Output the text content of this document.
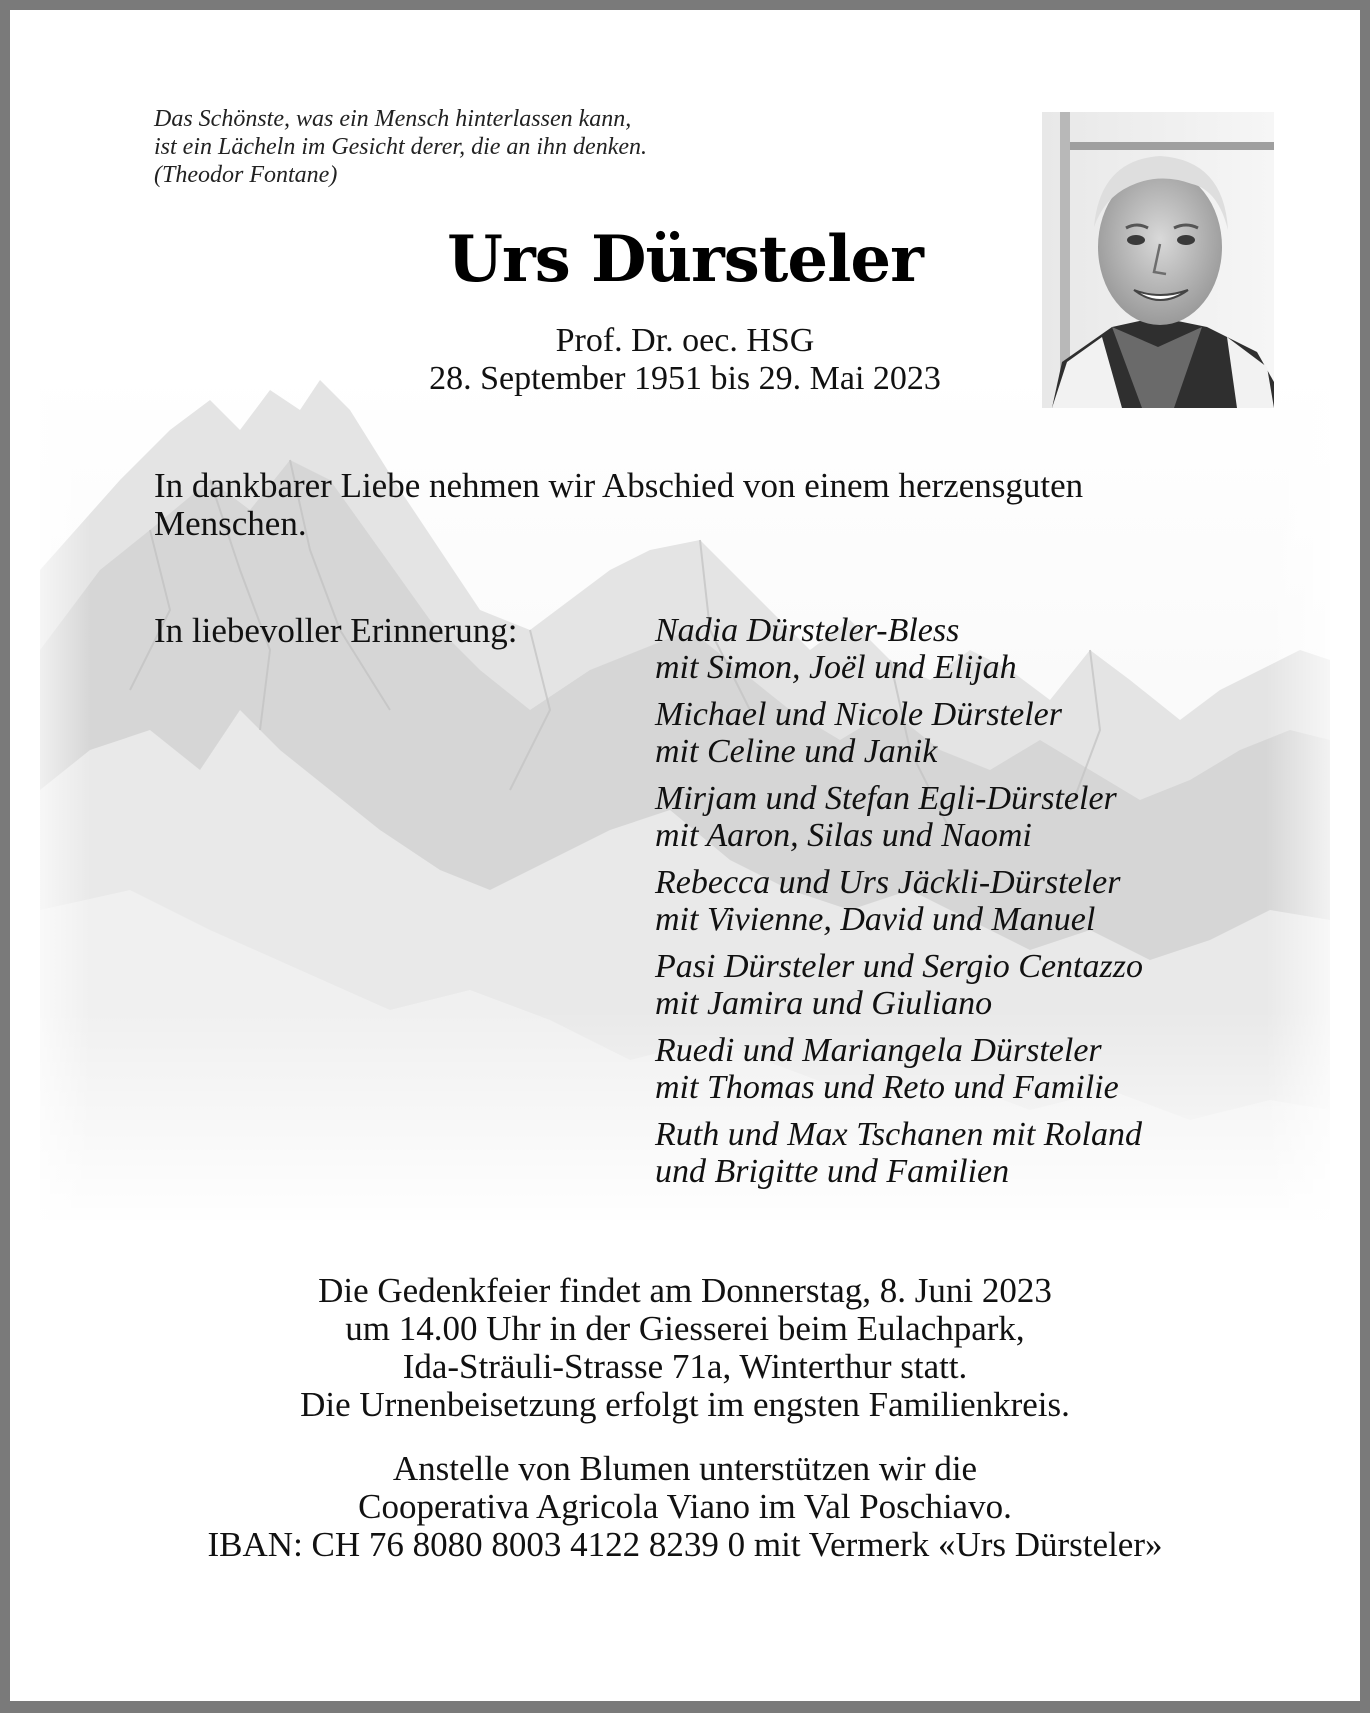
Das Schönste, was ein Mensch hinterlassen kann,
ist ein Lächeln im Gesicht derer, die an ihn denken.
(Theodor Fontane)

Urs Dürsteler

Prof. Dr. oec. HSG

28. September 1951 bis 29. Mai 2023

In dankbarer Liebe nehmen wir Abschied von einem herzensguten Menschen.

In liebevoller Erinnerung:	Nadia Dürsteler-Bless
mit Simon, Joël und Elijah
Michael und Nicole Dürsteler
mit Celine und Janik
Mirjam und Stefan Egli-Dürsteler
mit Aaron, Silas und Naomi
Rebecca und Urs Jäckli-Dürsteler
mit Vivienne, David und Manuel
Pasi Dürsteler und Sergio Centazzo
mit Jamira und Giuliano
Ruedi und Mariangela Dürsteler
mit Thomas und Reto und Familie
Ruth und Max Tschanen mit Roland
und Brigitte und Familien

Die Gedenkfeier findet am Donnerstag, 8. Juni 2023
um 14.00 Uhr in der Giesserei beim Eulachpark,
Ida-Sträuli-Strasse 71a, Winterthur statt.
Die Urnenbeisetzung erfolgt im engsten Familienkreis.

Anstelle von Blumen unterstützen wir die
Cooperativa Agricola Viano im Val Poschiavo.
IBAN: CH 76 8080 8003 4122 8239 0 mit Vermerk «Urs Dürsteler»
